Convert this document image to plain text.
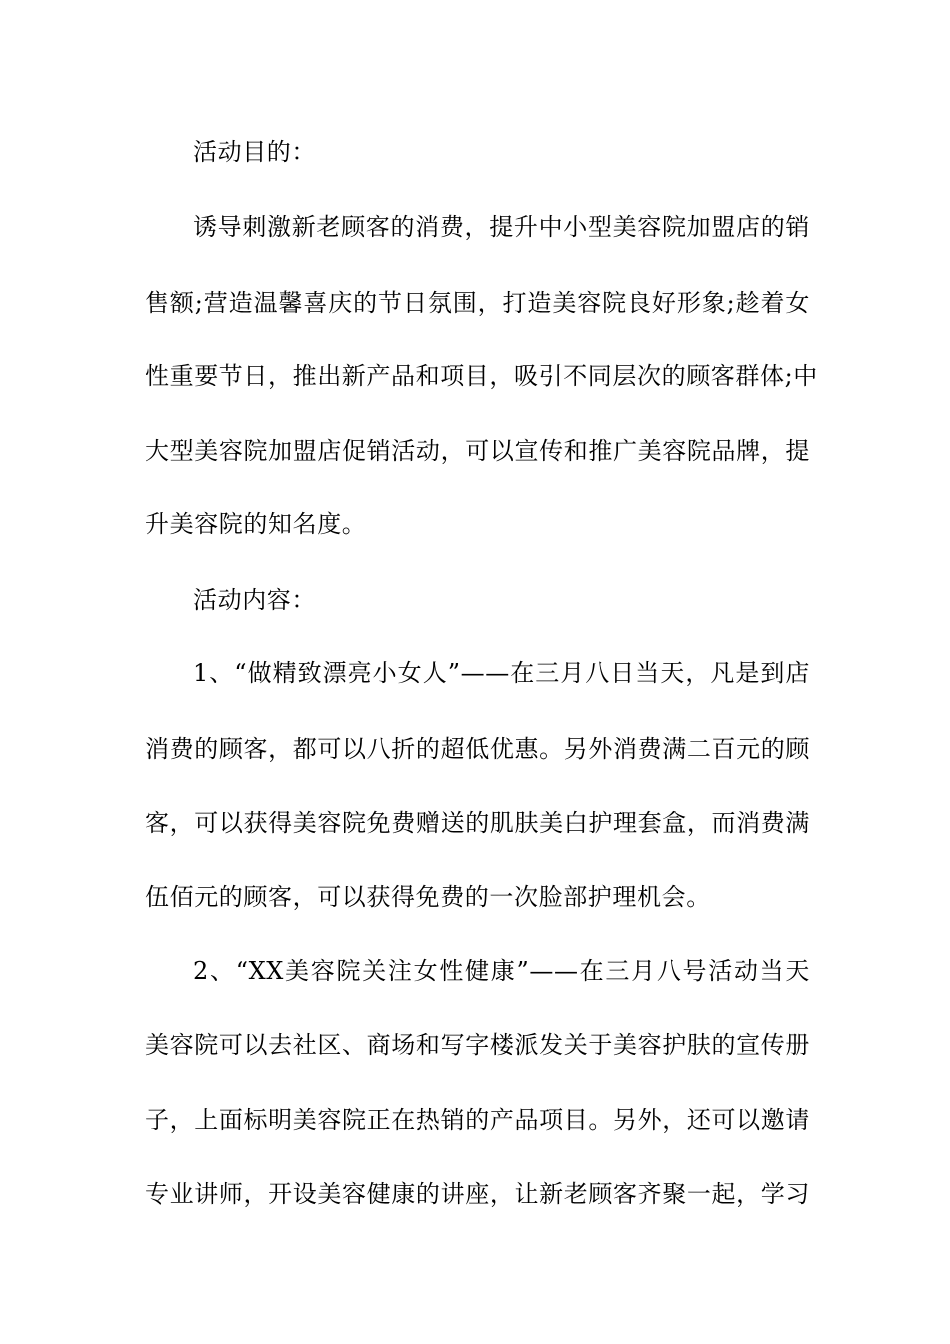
活动目的：
诱导刺激新老顾客的消费，提升中小型美容院加盟店的销
售额;营造温馨喜庆的节日氛围，打造美容院良好形象;趁着女
性重要节日，推出新产品和项目，吸引不同层次的顾客群体;中
大型美容院加盟店促销活动，可以宣传和推广美容院品牌，提
升美容院的知名度。
活动内容：
1、“做精致漂亮小女人”——在三月八日当天，凡是到店
消费的顾客，都可以八折的超低优惠。另外消费满二百元的顾
客，可以获得美容院免费赠送的肌肤美白护理套盒，而消费满
伍佰元的顾客，可以获得免费的一次脸部护理机会。
2、“XX美容院关注女性健康”——在三月八号活动当天
美容院可以去社区、商场和写字楼派发关于美容护肤的宣传册
子，上面标明美容院正在热销的产品项目。另外，还可以邀请
专业讲师，开设美容健康的讲座，让新老顾客齐聚一起，学习
